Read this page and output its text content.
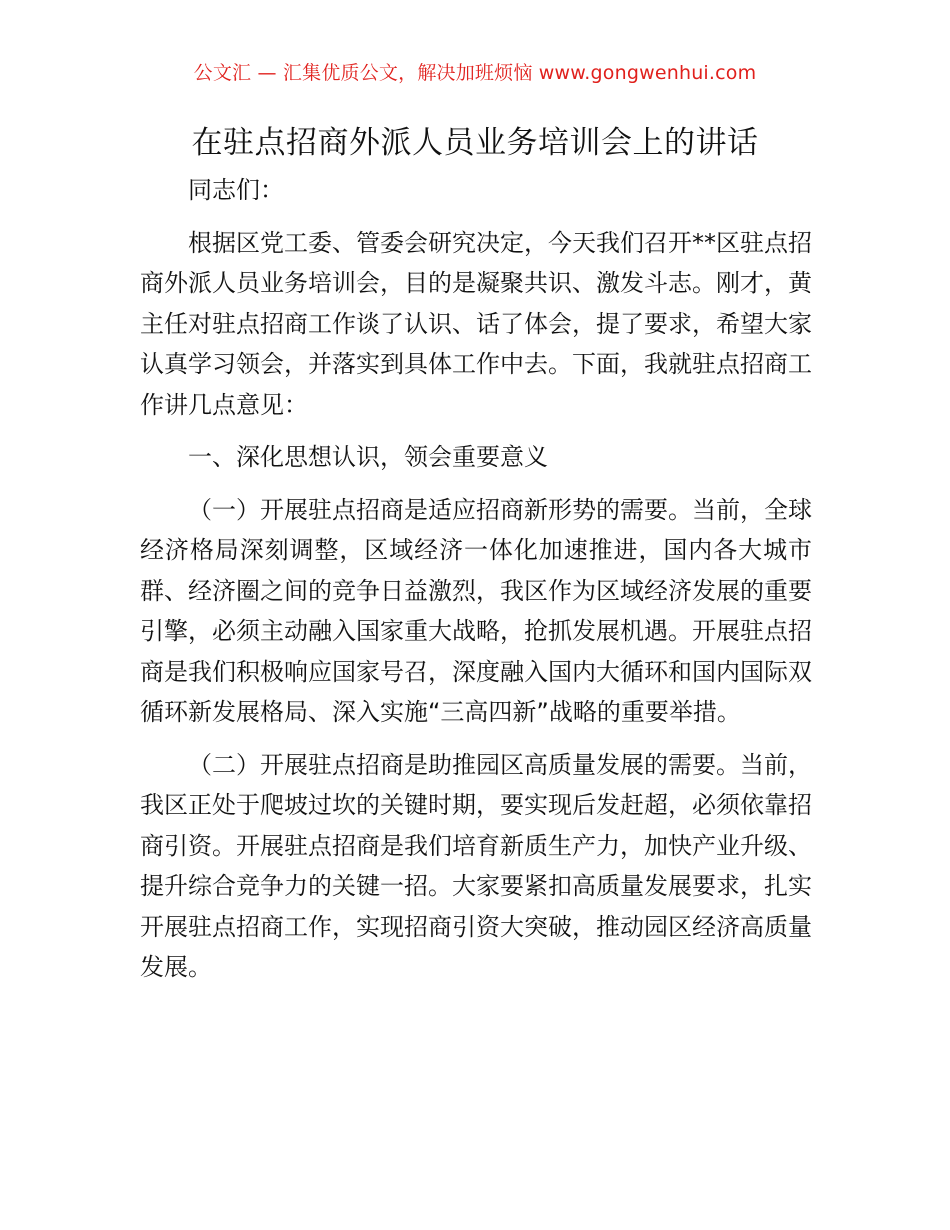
公文汇 — 汇集优质公文，解决加班烦恼 www.gongwenhui.com
在驻点招商外派人员业务培训会上的讲话

同志们：

根据区党工委、管委会研究决定，今天我们召开**区驻点招商外派人员业务培训会，目的是凝聚共识、激发斗志。刚才，黄主任对驻点招商工作谈了认识、话了体会，提了要求，希望大家认真学习领会，并落实到具体工作中去。下面，我就驻点招商工作讲几点意见：

一、深化思想认识，领会重要意义

（一）开展驻点招商是适应招商新形势的需要。当前，全球经济格局深刻调整，区域经济一体化加速推进，国内各大城市群、经济圈之间的竞争日益激烈，我区作为区域经济发展的重要引擎，必须主动融入国家重大战略，抢抓发展机遇。开展驻点招商是我们积极响应国家号召，深度融入国内大循环和国内国际双循环新发展格局、深入实施“三高四新”战略的重要举措。

（二）开展驻点招商是助推园区高质量发展的需要。当前，我区正处于爬坡过坎的关键时期，要实现后发赶超，必须依靠招商引资。开展驻点招商是我们培育新质生产力，加快产业升级、提升综合竞争力的关键一招。大家要紧扣高质量发展要求，扎实开展驻点招商工作，实现招商引资大突破，推动园区经济高质量发展。
